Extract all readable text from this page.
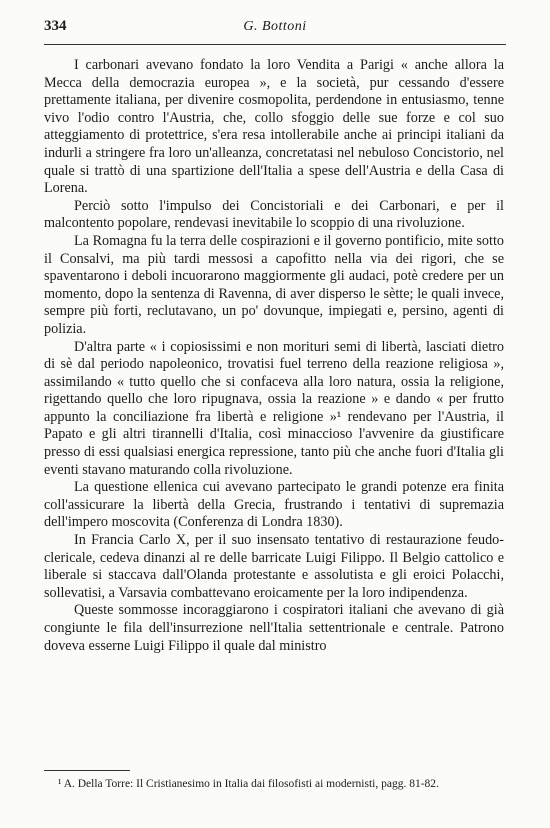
334	G. Bottoni

I carbonari avevano fondato la loro Vendita a Parigi « anche allora la Mecca della democrazia europea », e la società, pur cessando d'essere prettamente italiana, per divenire cosmopolita, perdendone in entusiasmo, tenne vivo l'odio contro l'Austria, che, collo sfoggio delle sue forze e col suo atteggiamento di protettrice, s'era resa intollerabile anche ai principi italiani da indurli a stringere fra loro un'alleanza, concretatasi nel nebuloso Concistorio, nel quale si trattò di una spartizione dell'Italia a spese dell'Austria e della Casa di Lorena.

Perciò sotto l'impulso dei Concistoriali e dei Carbonari, e per il malcontento popolare, rendevasi inevitabile lo scoppio di una rivoluzione.

La Romagna fu la terra delle cospirazioni e il governo pontificio, mite sotto il Consalvi, ma più tardi messosi a capofitto nella via dei rigori, che se spaventarono i deboli incuorarono maggiormente gli audaci, potè credere per un momento, dopo la sentenza di Ravenna, di aver disperso le sètte; le quali invece, sempre più forti, reclutavano, un po' dovunque, impiegati e, persino, agenti di polizia.

D'altra parte « i copiosissimi e non morituri semi di libertà, lasciati dietro di sè dal periodo napoleonico, trovatisi fuel terreno della reazione religiosa », assimilando « tutto quello che si confaceva alla loro natura, ossia la religione, rigettando quello che loro ripugnava, ossia la reazione » e dando « per frutto appunto la conciliazione fra libertà e religione »¹ rendevano per l'Austria, il Papato e gli altri tirannelli d'Italia, così minaccioso l'avvenire da giustificare presso di essi qualsiasi energica repressione, tanto più che anche fuori d'Italia gli eventi stavano maturando colla rivoluzione.

La questione ellenica cui avevano partecipato le grandi potenze era finita coll'assicurare la libertà della Grecia, frustrando i tentativi di supremazia dell'impero moscovita (Conferenza di Londra 1830).

In Francia Carlo X, per il suo insensato tentativo di restaurazione feudo-clericale, cedeva dinanzi al re delle barricate Luigi Filippo. Il Belgio cattolico e liberale si staccava dall'Olanda protestante e assolutista e gli eroici Polacchi, sollevatisi, a Varsavia combattevano eroicamente per la loro indipendenza.

Queste sommosse incoraggiarono i cospiratori italiani che avevano di già congiunte le fila dell'insurrezione nell'Italia settentrionale e centrale. Patrono doveva esserne Luigi Filippo il quale dal ministro

¹ A. Della Torre: Il Cristianesimo in Italia dai filosofisti ai modernisti, pagg. 81-82.
